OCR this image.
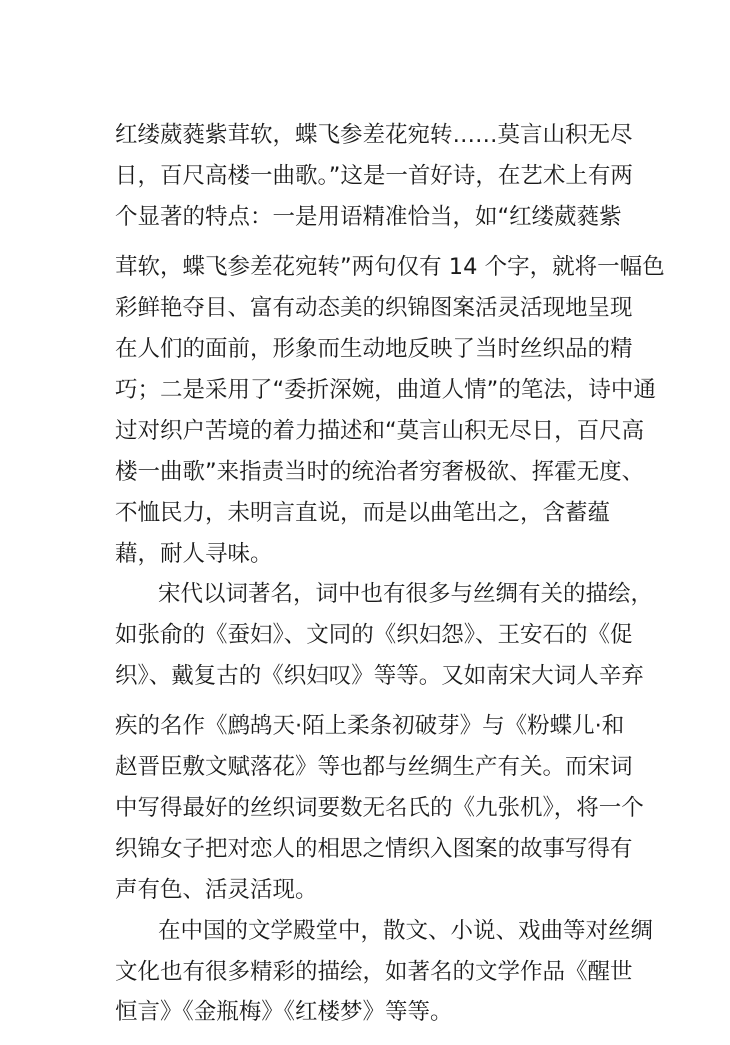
红缕葳蕤紫茸软，蝶飞参差花宛转……莫言山积无尽
日，百尺高楼一曲歌。”这是一首好诗，在艺术上有两
个显著的特点：一是用语精准恰当，如“红缕葳蕤紫
茸软，蝶飞参差花宛转”两句仅有 14 个字，就将一幅色
彩鲜艳夺目、富有动态美的织锦图案活灵活现地呈现
在人们的面前，形象而生动地反映了当时丝织品的精
巧；二是采用了“委折深婉，曲道人情”的笔法，诗中通
过对织户苦境的着力描述和“莫言山积无尽日，百尺高
楼一曲歌”来指责当时的统治者穷奢极欲、挥霍无度、
不恤民力，未明言直说，而是以曲笔出之，含蓄蕴
藉，耐人寻味。
宋代以词著名，词中也有很多与丝绸有关的描绘，
如张俞的《蚕妇》、文同的《织妇怨》、王安石的《促
织》、戴复古的《织妇叹》等等。又如南宋大词人辛弃
疾的名作《鹧鸪天·陌上柔条初破芽》与《粉蝶儿·和
赵晋臣敷文赋落花》等也都与丝绸生产有关。而宋词
中写得最好的丝织词要数无名氏的《九张机》，将一个
织锦女子把对恋人的相思之情织入图案的故事写得有
声有色、活灵活现。
在中国的文学殿堂中，散文、小说、戏曲等对丝绸
文化也有很多精彩的描绘，如著名的文学作品《醒世
恒言》《金瓶梅》《红楼梦》等等。
